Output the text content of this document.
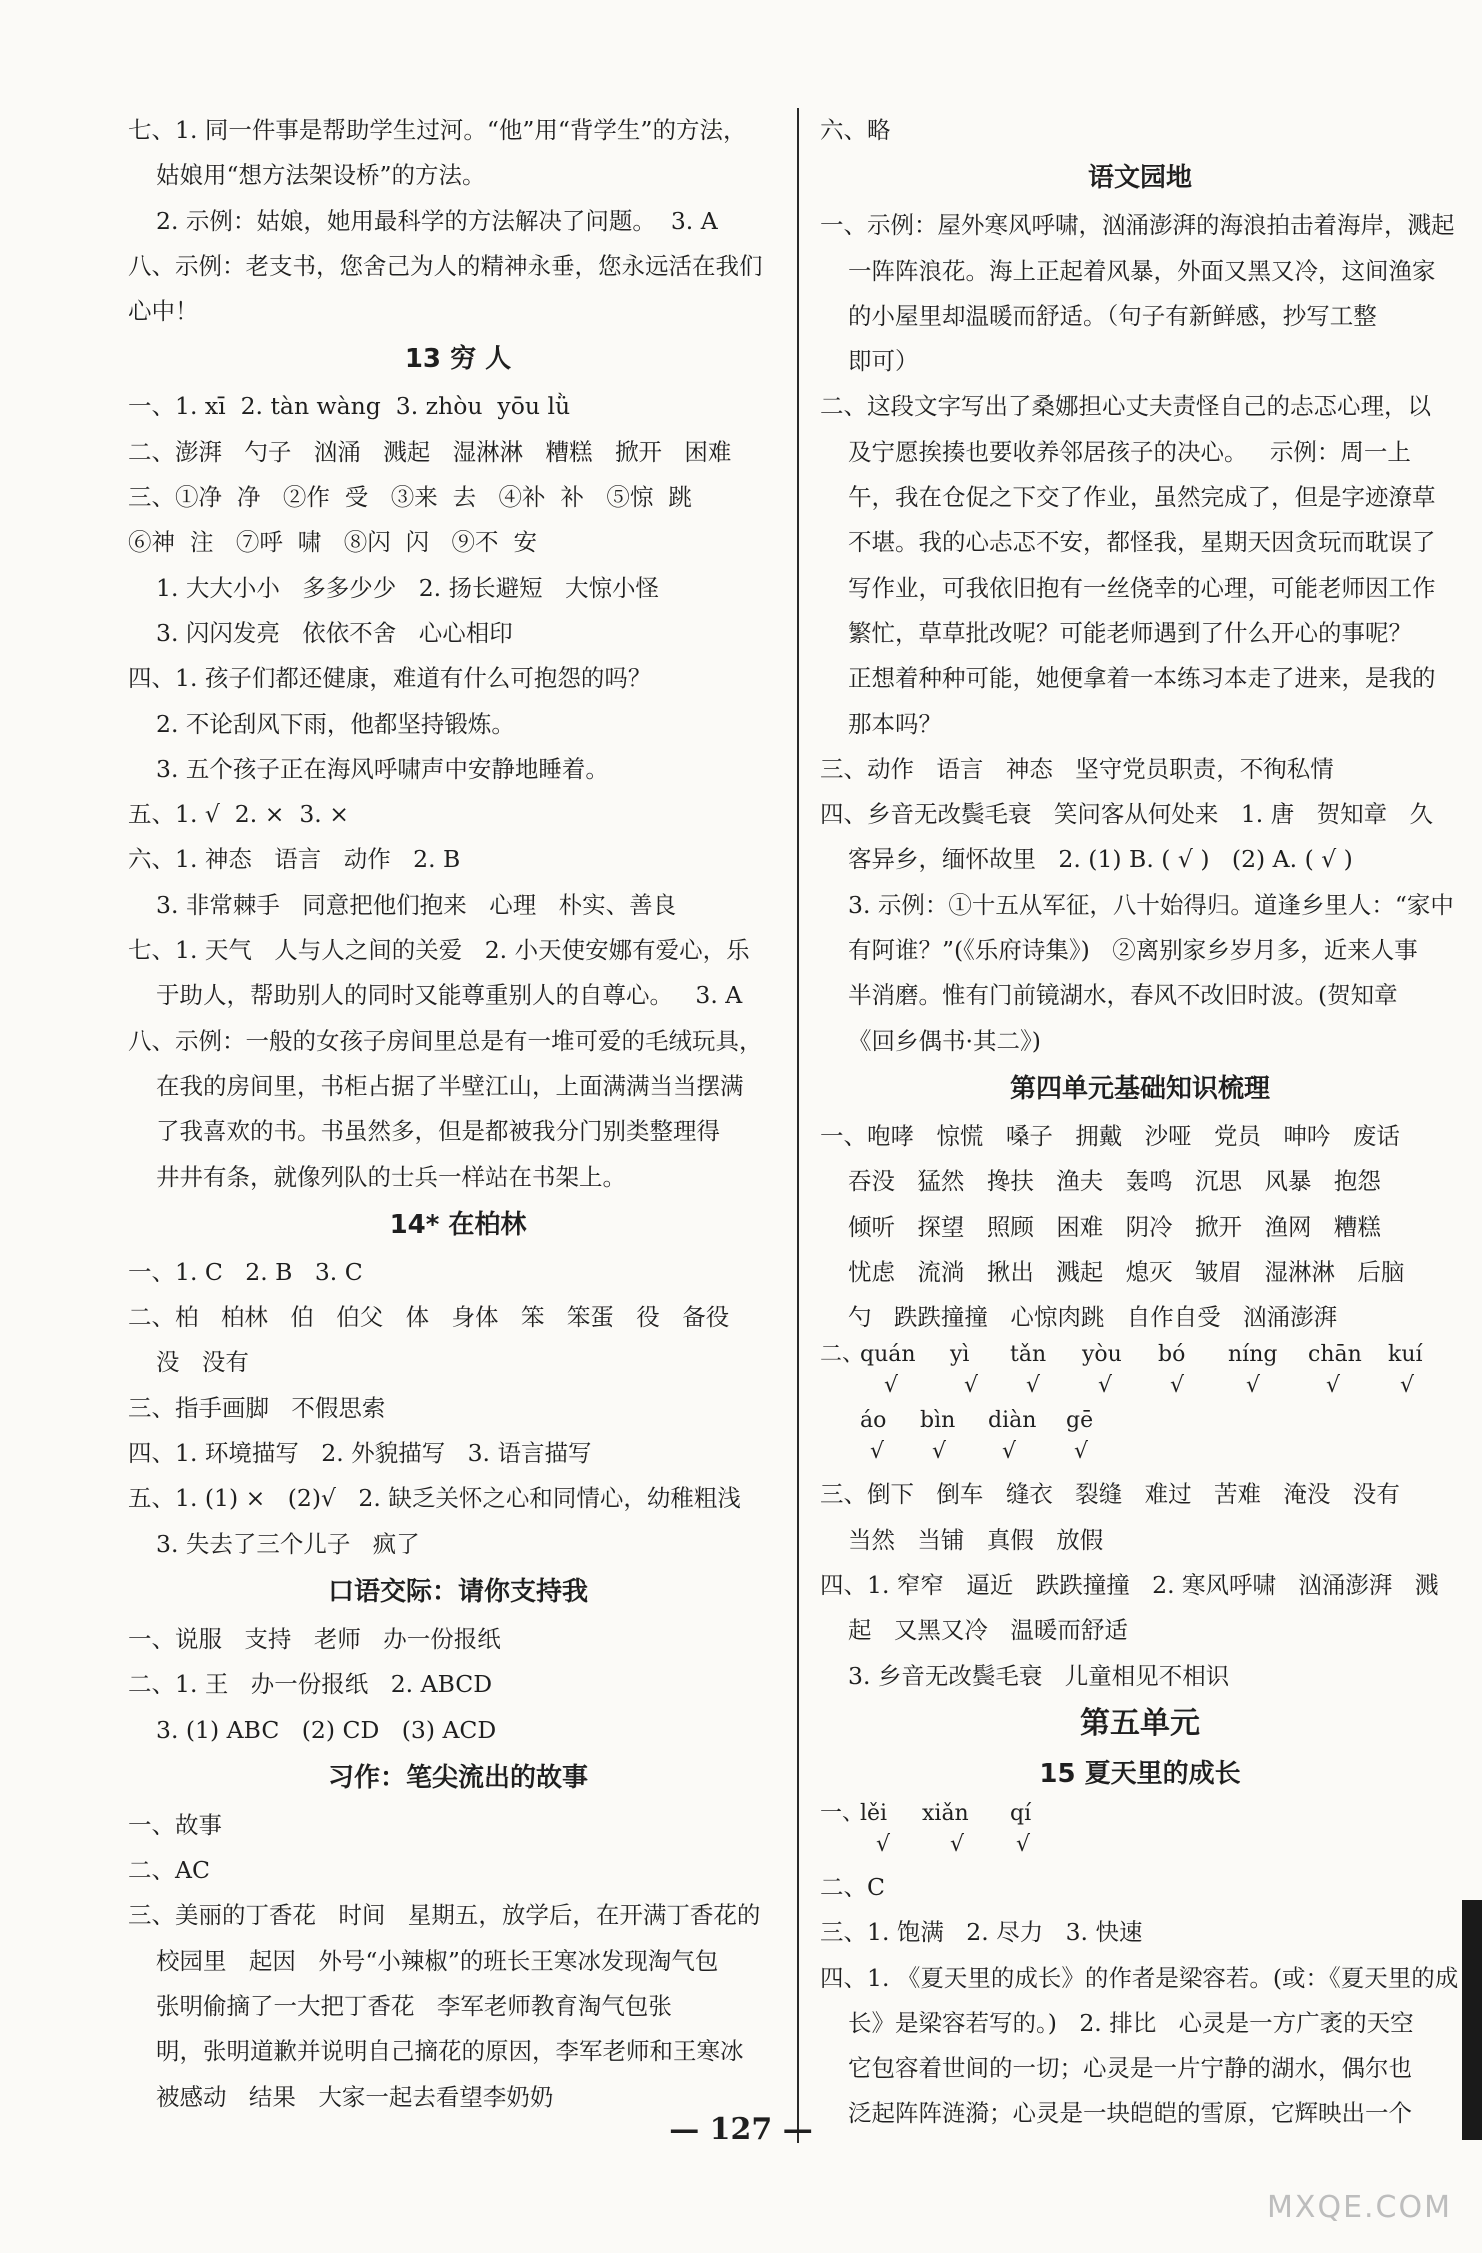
七、1. 同一件事是帮助学生过河。“他”用“背学生”的方法，
姑娘用“想方法架设桥”的方法。
2. 示例：姑娘，她用最科学的方法解决了问题。  3. A
八、示例：老支书，您舍己为人的精神永垂，您永远活在我们
心中！
13 穷 人
一、1. xī  2. tàn wàng  3. zhòu  yōu lǜ
二、澎湃   勺子   汹涌   溅起   湿淋淋   糟糕   掀开   困难
三、①净  净   ②作  受   ③来  去   ④补  补   ⑤惊  跳
⑥神  注   ⑦呼  啸   ⑧闪  闪   ⑨不  安
1. 大大小小   多多少少   2. 扬长避短   大惊小怪
3. 闪闪发亮   依依不舍   心心相印
四、1. 孩子们都还健康，难道有什么可抱怨的吗？
2. 不论刮风下雨，他都坚持锻炼。
3. 五个孩子正在海风呼啸声中安静地睡着。
五、1. √  2. ×  3. ×
六、1. 神态   语言   动作   2. B
3. 非常棘手   同意把他们抱来   心理   朴实、善良
七、1. 天气   人与人之间的关爱   2. 小天使安娜有爱心，乐
于助人，帮助别人的同时又能尊重别人的自尊心。   3. A
八、示例：一般的女孩子房间里总是有一堆可爱的毛绒玩具，
在我的房间里，书柜占据了半壁江山，上面满满当当摆满
了我喜欢的书。书虽然多，但是都被我分门别类整理得
井井有条，就像列队的士兵一样站在书架上。
14* 在柏林
一、1. C   2. B   3. C
二、柏   柏林   伯   伯父   体   身体   笨   笨蛋   役   备役
没   没有
三、指手画脚   不假思索
四、1. 环境描写   2. 外貌描写   3. 语言描写
五、1. (1) ×   (2)√   2. 缺乏关怀之心和同情心，幼稚粗浅
3. 失去了三个儿子   疯了
口语交际：请你支持我
一、说服   支持   老师   办一份报纸
二、1. 王   办一份报纸   2. ABCD
3. (1) ABC   (2) CD   (3) ACD
习作：笔尖流出的故事
一、故事
二、AC
三、美丽的丁香花   时间   星期五，放学后，在开满丁香花的
校园里   起因   外号“小辣椒”的班长王寒冰发现淘气包
张明偷摘了一大把丁香花   李军老师教育淘气包张
明，张明道歉并说明自己摘花的原因，李军老师和王寒冰
被感动   结果   大家一起去看望李奶奶
六、略
语文园地
一、示例：屋外寒风呼啸，汹涌澎湃的海浪拍击着海岸，溅起
一阵阵浪花。海上正起着风暴，外面又黑又冷，这间渔家
的小屋里却温暖而舒适。（句子有新鲜感，抄写工整
即可）
二、这段文字写出了桑娜担心丈夫责怪自己的忐忑心理，以
及宁愿挨揍也要收养邻居孩子的决心。   示例：周一上
午，我在仓促之下交了作业，虽然完成了，但是字迹潦草
不堪。我的心忐忑不安，都怪我，星期天因贪玩而耽误了
写作业，可我依旧抱有一丝侥幸的心理，可能老师因工作
繁忙，草草批改呢？可能老师遇到了什么开心的事呢？
正想着种种可能，她便拿着一本练习本走了进来，是我的
那本吗？
三、动作   语言   神态   坚守党员职责，不徇私情
四、乡音无改鬓毛衰   笑问客从何处来   1. 唐   贺知章   久
客异乡，缅怀故里   2. (1) B. ( √ )   (2) A. ( √ )
3. 示例：①十五从军征，八十始得归。道逢乡里人：“家中
有阿谁？”(《乐府诗集》)   ②离别家乡岁月多，近来人事
半消磨。惟有门前镜湖水，春风不改旧时波。(贺知章
《回乡偶书·其二》)
第四单元基础知识梳理
一、咆哮   惊慌   嗓子   拥戴   沙哑   党员   呻吟   废话
吞没   猛然   搀扶   渔夫   轰鸣   沉思   风暴   抱怨
倾听   探望   照顾   困难   阴冷   掀开   渔网   糟糕
忧虑   流淌   揪出   溅起   熄灭   皱眉   湿淋淋   后脑
勺   跌跌撞撞   心惊肉跳   自作自受   汹涌澎湃
二、
quán
√
yì
√
tǎn
√
yòu
√
bó
√
níng
√
chān
√
kuí
√
áo
√
bìn
√
diàn
√
gē
√
三、倒下   倒车   缝衣   裂缝   难过   苦难   淹没   没有
当然   当铺   真假   放假
四、1. 窄窄   逼近   跌跌撞撞   2. 寒风呼啸   汹涌澎湃   溅
起   又黑又冷   温暖而舒适
3. 乡音无改鬓毛衰   儿童相见不相识
第五单元
15 夏天里的成长
一、
lěi
√
xiǎn
√
qí
√
二、C
三、1. 饱满   2. 尽力   3. 快速
四、1. 《夏天里的成长》的作者是梁容若。(或：《夏天里的成
长》是梁容若写的。)   2. 排比   心灵是一方广袤的天空
它包容着世间的一切；心灵是一片宁静的湖水，偶尔也
泛起阵阵涟漪；心灵是一块皑皑的雪原，它辉映出一个
— 127 —
MXQE.COM
